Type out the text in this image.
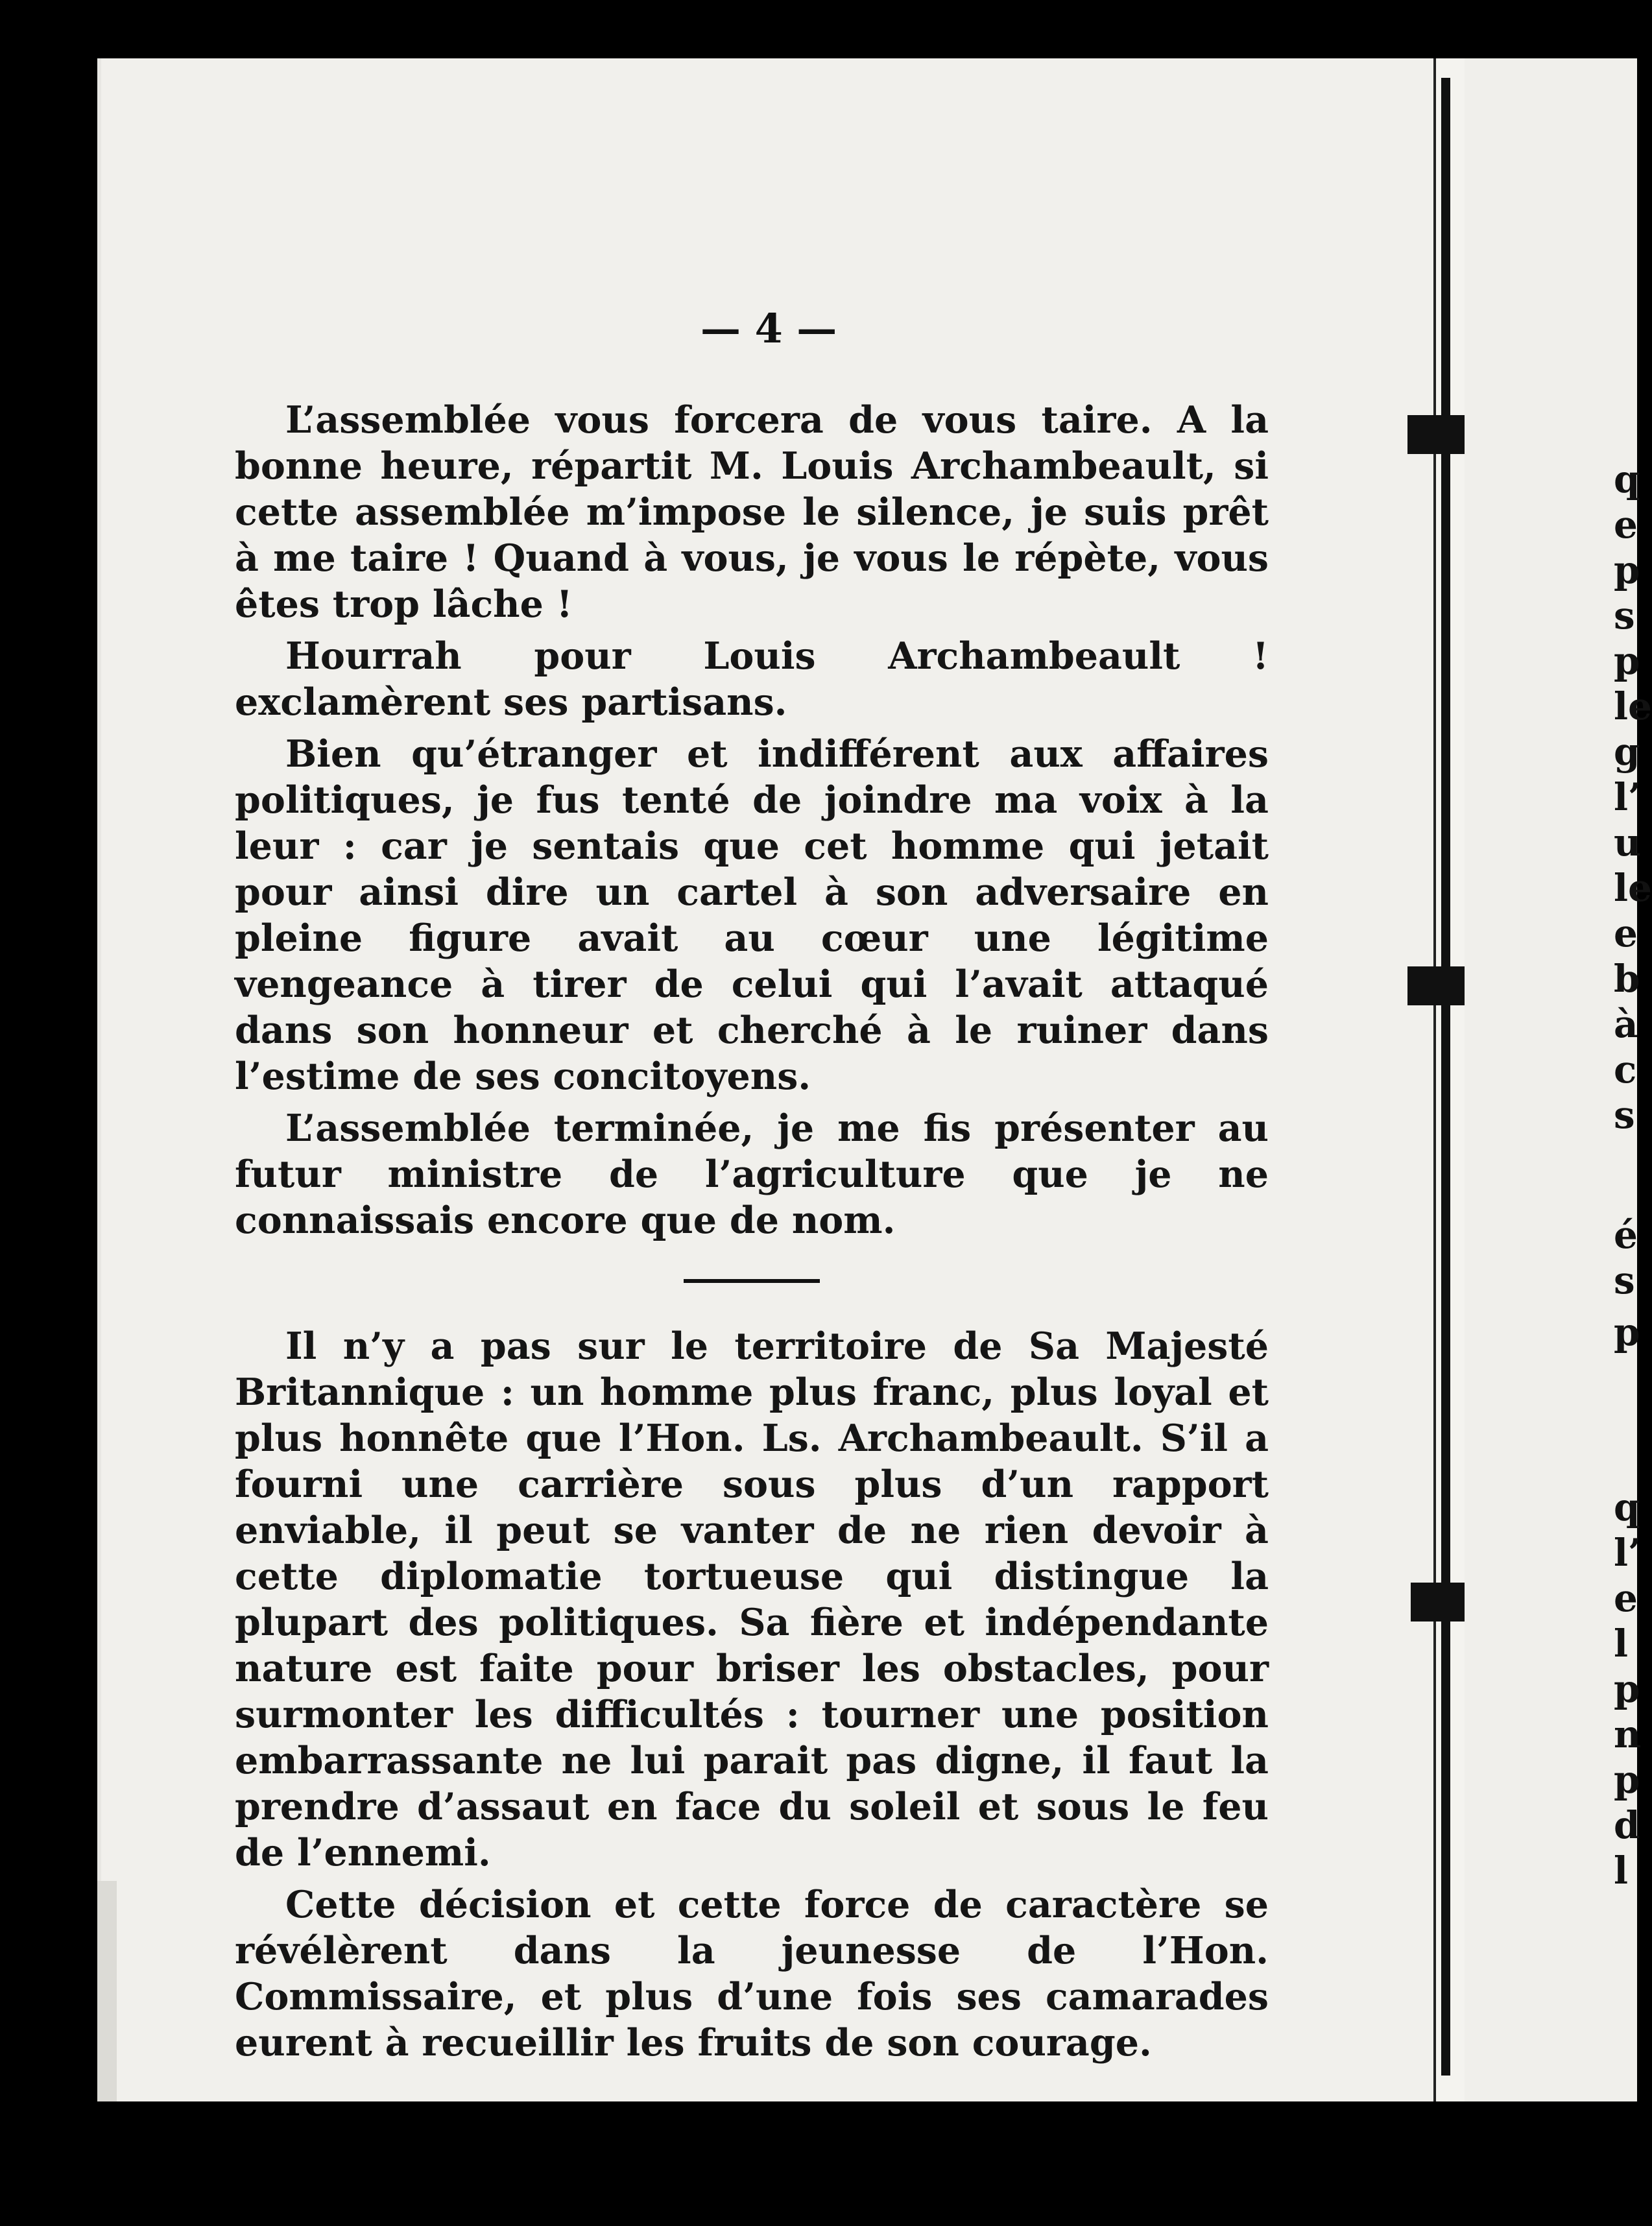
— 4 —

L’assemblée vous forcera de vous taire. A la bonne heure, répartit M. Louis Archambeault, si cette assemblée m’impose le silence, je suis prêt à me taire ! Quand à vous, je vous le répète, vous êtes trop lâche !

Hourrah pour Louis Archambeault ! exclamèrent ses partisans.

Bien qu’étranger et indifférent aux affaires politiques, je fus tenté de joindre ma voix à la leur : car je sentais que cet homme qui jetait pour ainsi dire un cartel à son adversaire en pleine figure avait au cœur une légitime vengeance à tirer de celui qui l’avait attaqué dans son honneur et cherché à le ruiner dans l’estime de ses concitoyens.

L’assemblée terminée, je me fis présenter au futur ministre de l’agriculture que je ne connaissais encore que de nom.

Il n’y a pas sur le territoire de Sa Majesté Britannique : un homme plus franc, plus loyal et plus honnête que l’Hon. Ls. Archambeault. S’il a fourni une carrière sous plus d’un rapport enviable, il peut se vanter de ne rien devoir à cette diplomatie tortueuse qui distingue la plupart des politiques. Sa fière et indépendante nature est faite pour briser les obstacles, pour surmonter les difficultés : tourner une position embarrassante ne lui parait pas digne, il faut la prendre d’assaut en face du soleil et sous le feu de l’ennemi.

Cette décision et cette force de caractère se révélèrent dans la jeunesse de l’Hon. Commissaire, et plus d’une fois ses camarades eurent à recueillir les fruits de son courage.

q
e
p
s
p
le
g
l’
u
le
e
b
à
c
s
é
s
p
q
l’
e
l
p
n
p
d
l
